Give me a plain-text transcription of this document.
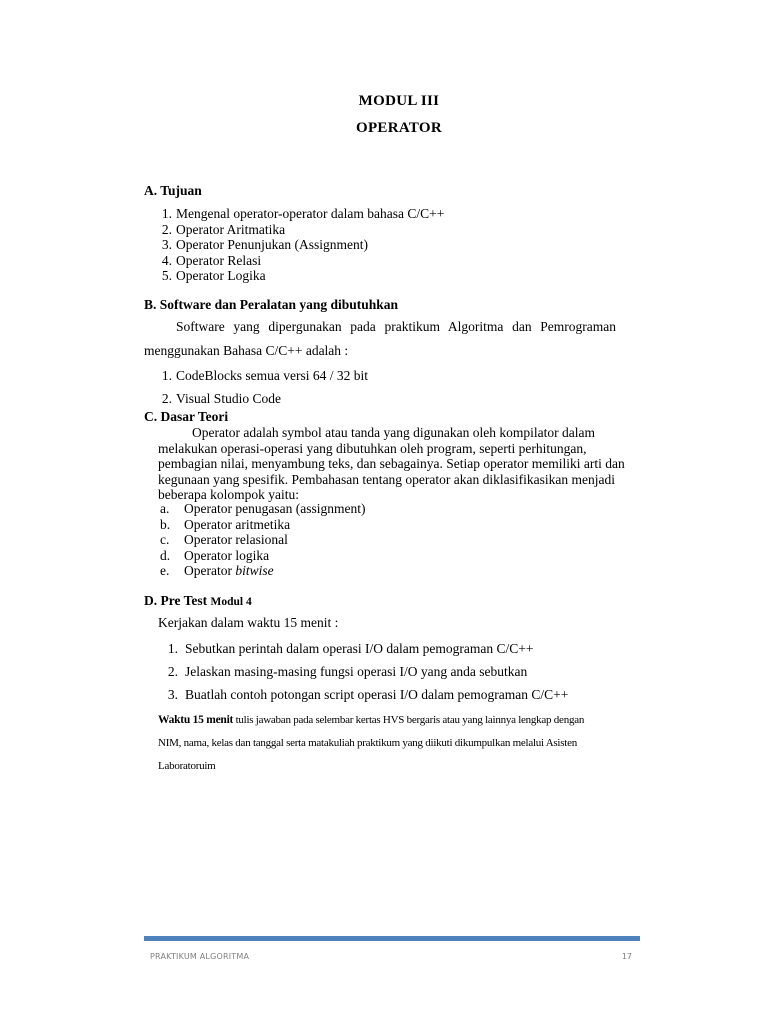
MODUL III
OPERATOR
A. Tujuan
1. Mengenal operator-operator dalam bahasa C/C++
2. Operator Aritmatika
3. Operator Penunjukan (Assignment)
4. Operator Relasi
5. Operator Logika
B. Software dan Peralatan yang dibutuhkan
Software yang dipergunakan pada praktikum Algoritma dan Pemrograman
menggunakan Bahasa C/C++ adalah :
1. CodeBlocks semua versi 64 / 32 bit
2. Visual Studio Code
C. Dasar Teori
Operator adalah symbol atau tanda yang digunakan oleh kompilator dalam
melakukan operasi-operasi yang dibutuhkan oleh program, seperti perhitungan,
pembagian nilai, menyambung teks, dan sebagainya. Setiap operator memiliki arti dan
kegunaan yang spesifik. Pembahasan tentang operator akan diklasifikasikan menjadi
beberapa kolompok yaitu:
a. Operator penugasan (assignment)
b. Operator aritmetika
c. Operator relasional
d. Operator logika
e. Operator bitwise
D. Pre Test Modul 4
Kerjakan dalam waktu 15 menit :
1. Sebutkan perintah dalam operasi I/O dalam pemograman C/C++
2. Jelaskan masing-masing fungsi operasi I/O yang anda sebutkan
3. Buatlah contoh potongan script operasi I/O dalam pemograman C/C++
Waktu 15 menit tulis jawaban pada selembar kertas HVS bergaris atau yang lainnya lengkap dengan
NIM, nama, kelas dan tanggal serta matakuliah praktikum yang diikuti dikumpulkan melalui Asisten
Laboratoruim
PRAKTIKUM ALGORITMA	17
